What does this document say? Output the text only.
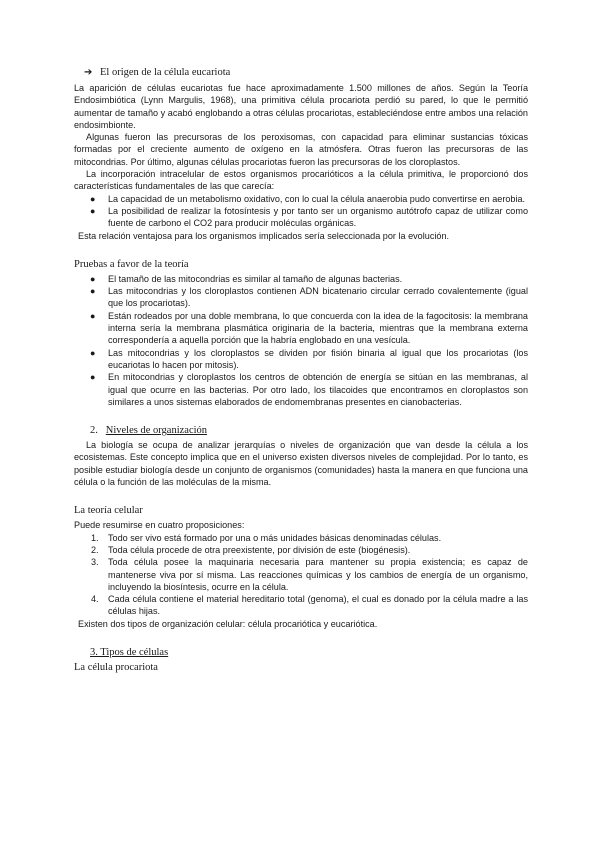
➔ El origen de la célula eucariota

La aparición de células eucariotas fue hace aproximadamente 1.500 millones de años. Según la Teoría Endosimbiótica (Lynn Margulis, 1968), una primitiva célula procariota perdió su pared, lo que le permitió aumentar de tamaño y acabó englobando a otras células procariotas, estableciéndose entre ambos una relación endosimbionte.

Algunas fueron las precursoras de los peroxisomas, con capacidad para eliminar sustancias tóxicas formadas por el creciente aumento de oxígeno en la atmósfera. Otras fueron las precursoras de las mitocondrias. Por último, algunas células procariotas fueron las precursoras de los cloroplastos.

La incorporación intracelular de estos organismos procarióticos a la célula primitiva, le proporcionó dos características fundamentales de las que carecía:

● La capacidad de un metabolismo oxidativo, con lo cual la célula anaerobia pudo convertirse en aerobia.
● La posibilidad de realizar la fotosíntesis y por tanto ser un organismo autótrofo capaz de utilizar como fuente de carbono el CO2 para producir moléculas orgánicas.

Esta relación ventajosa para los organismos implicados sería seleccionada por la evolución.

Pruebas a favor de la teoría

● El tamaño de las mitocondrias es similar al tamaño de algunas bacterias.
● Las mitocondrias y los cloroplastos contienen ADN bicatenario circular cerrado covalentemente (igual que los procariotas).
● Están rodeados por una doble membrana, lo que concuerda con la idea de la fagocitosis: la membrana interna sería la membrana plasmática originaria de la bacteria, mientras que la membrana externa correspondería a aquella porción que la habría englobado en una vesícula.
● Las mitocondrias y los cloroplastos se dividen por fisión binaria al igual que los procariotas (los eucariotas lo hacen por mitosis).
● En mitocondrias y cloroplastos los centros de obtención de energía se sitúan en las membranas, al igual que ocurre en las bacterias. Por otro lado, los tilacoides que encontramos en cloroplastos son similares a unos sistemas elaborados de endomembranas presentes en cianobacterias.

2. Niveles de organización

La biología se ocupa de analizar jerarquías o niveles de organización que van desde la célula a los ecosistemas. Este concepto implica que en el universo existen diversos niveles de complejidad. Por lo tanto, es posible estudiar biología desde un conjunto de organismos (comunidades) hasta la manera en que funciona una célula o la función de las moléculas de la misma.

La teoría celular

Puede resumirse en cuatro proposiciones:

1. Todo ser vivo está formado por una o más unidades básicas denominadas células.
2. Toda célula procede de otra preexistente, por división de este (biogénesis).
3. Toda célula posee la maquinaria necesaria para mantener su propia existencia; es capaz de mantenerse viva por sí misma. Las reacciones químicas y los cambios de energía de un organismo, incluyendo la biosíntesis, ocurre en la célula.
4. Cada célula contiene el material hereditario total (genoma), el cual es donado por la célula madre a las células hijas.

Existen dos tipos de organización celular: célula procariótica y eucariótica.

3. Tipos de células

La célula procariota
